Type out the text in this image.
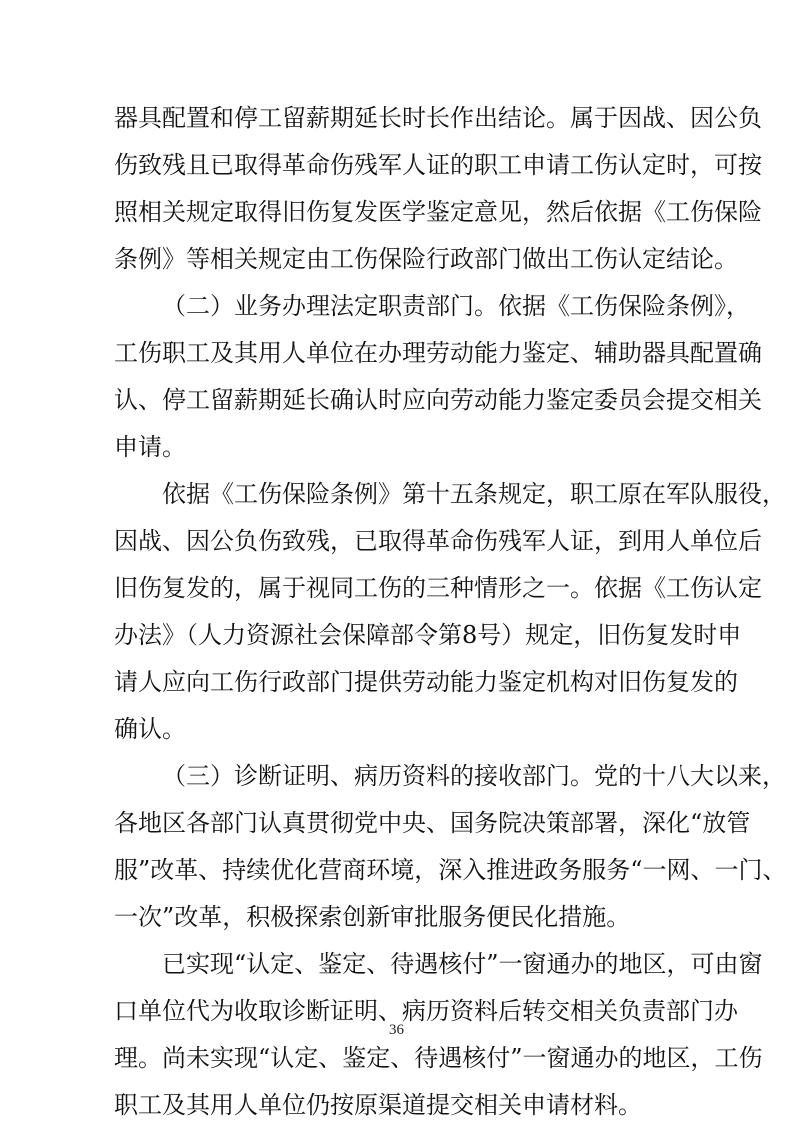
器具配置和停工留薪期延长时长作出结论。属于因战、因公负
伤致残且已取得革命伤残军人证的职工申请工伤认定时，可按
照相关规定取得旧伤复发医学鉴定意见，然后依据《工伤保险
条例》等相关规定由工伤保险行政部门做出工伤认定结论。
（二）业务办理法定职责部门。依据《工伤保险条例》，
工伤职工及其用人单位在办理劳动能力鉴定、辅助器具配置确
认、停工留薪期延长确认时应向劳动能力鉴定委员会提交相关
申请。
依据《工伤保险条例》第十五条规定，职工原在军队服役，
因战、因公负伤致残，已取得革命伤残军人证，到用人单位后
旧伤复发的，属于视同工伤的三种情形之一。依据《工伤认定
办法》（人力资源社会保障部令第8号）规定，旧伤复发时申
请人应向工伤行政部门提供劳动能力鉴定机构对旧伤复发的
确认。
（三）诊断证明、病历资料的接收部门。党的十八大以来，
各地区各部门认真贯彻党中央、国务院决策部署，深化“放管
服”改革、持续优化营商环境，深入推进政务服务“一网、一门、
一次”改革，积极探索创新审批服务便民化措施。
已实现“认定、鉴定、待遇核付”一窗通办的地区，可由窗
口单位代为收取诊断证明、病历资料后转交相关负责部门办
理。尚未实现“认定、鉴定、待遇核付”一窗通办的地区，工伤
职工及其用人单位仍按原渠道提交相关申请材料。
36
